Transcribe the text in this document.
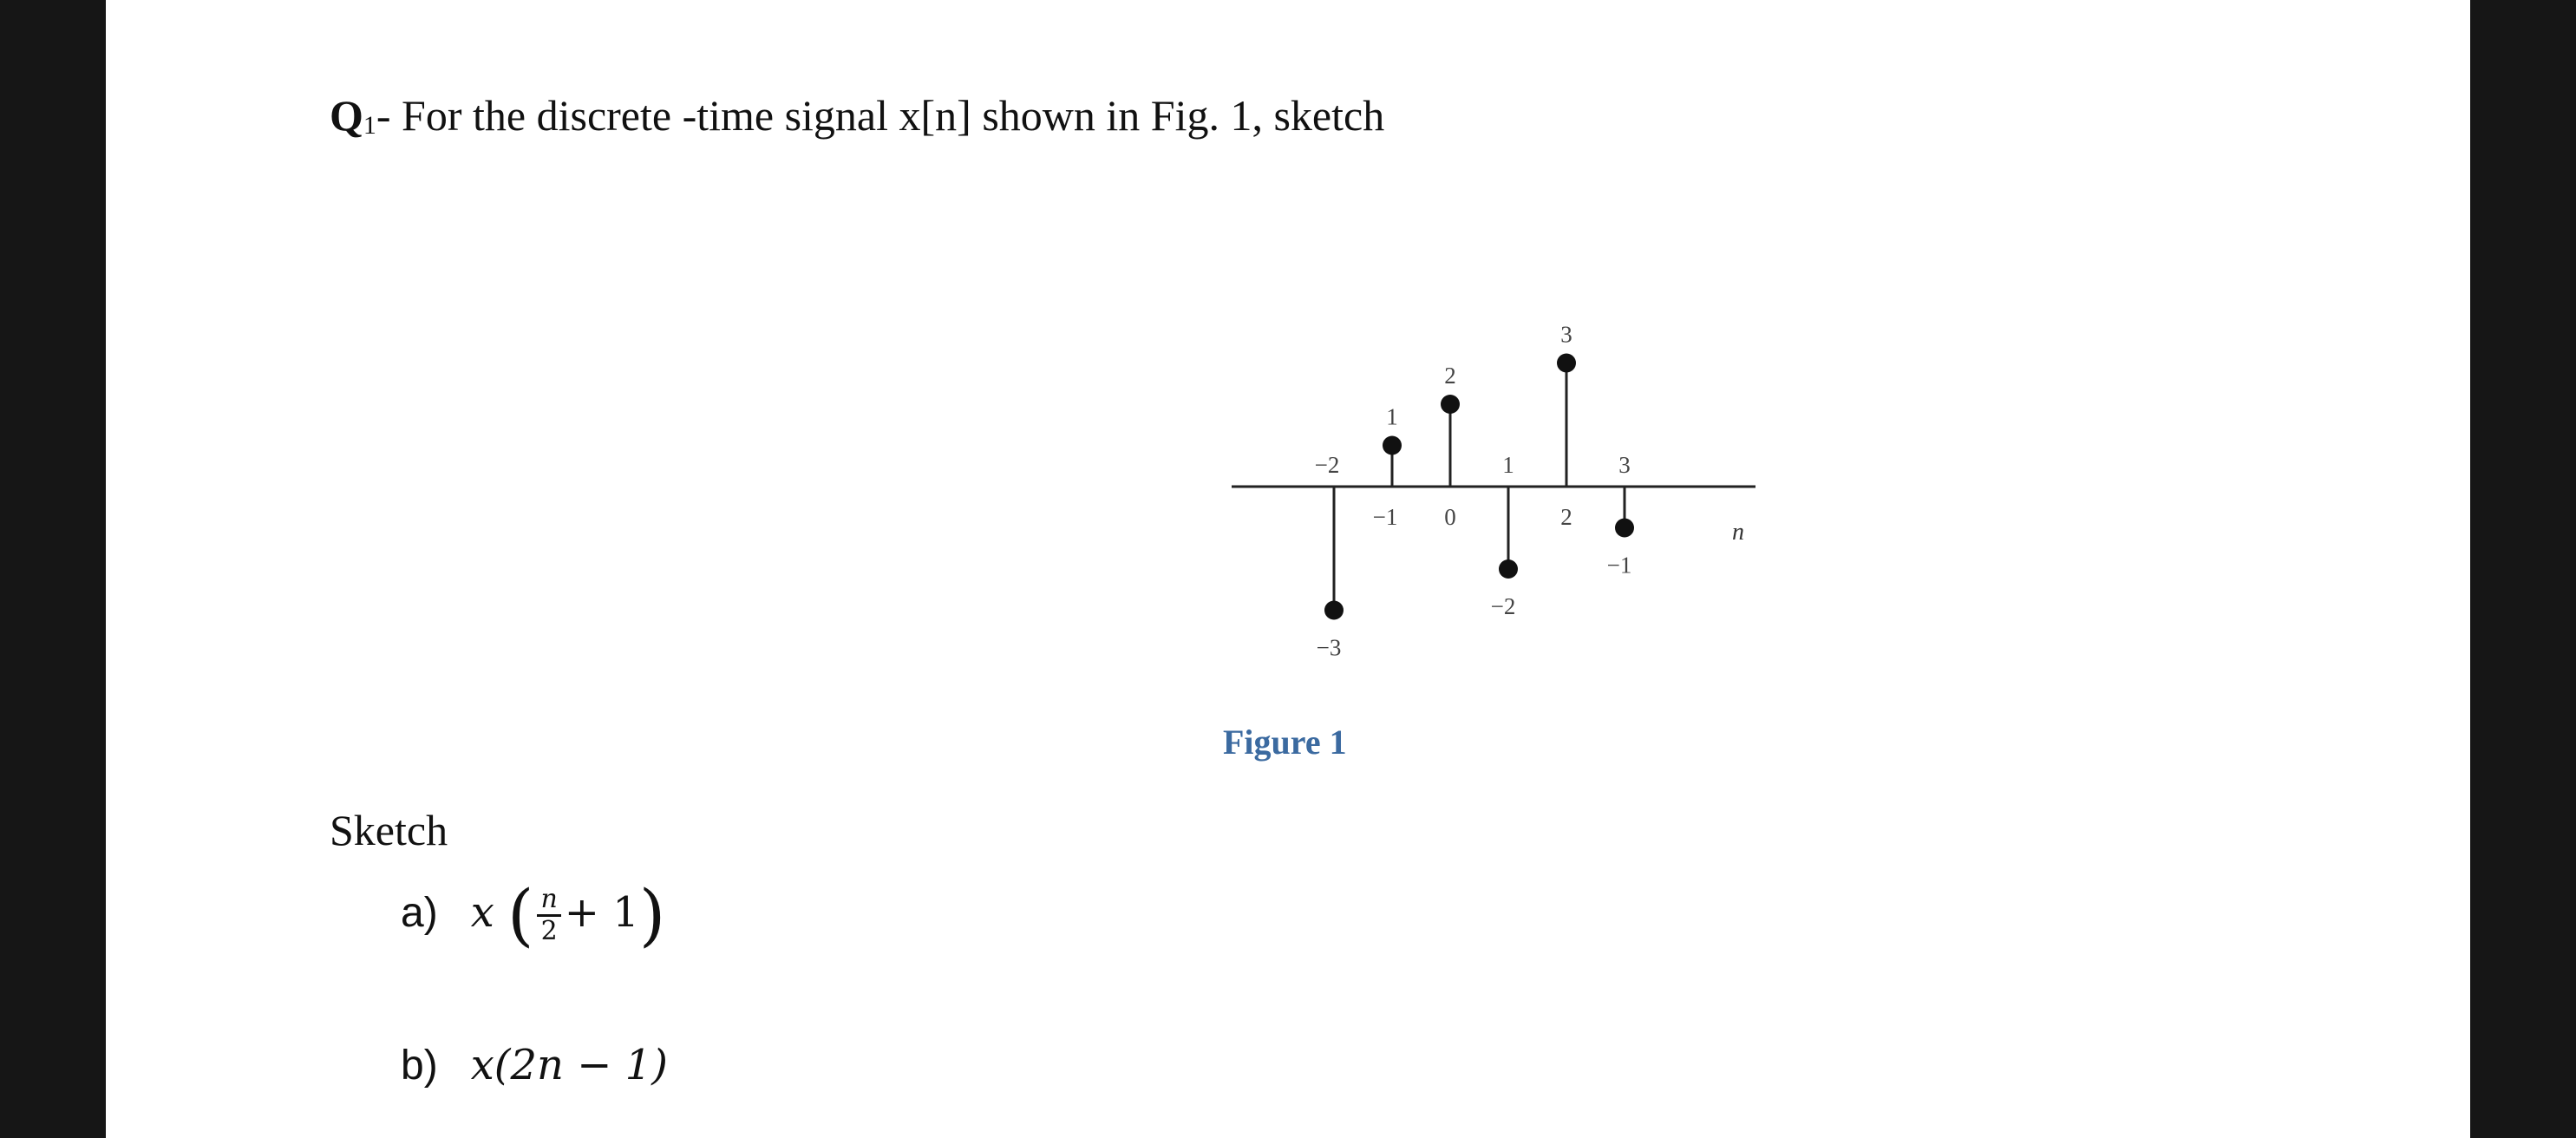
Q1- For the discrete -time signal x[n] shown in Fig. 1, sketch
n
−3
−2
1
−1
2
0
−2
1
3
2
−1
3
Figure 1
Sketch
a) x ( $\frac{n}{2} + 1$)
b) x(2n − 1)
